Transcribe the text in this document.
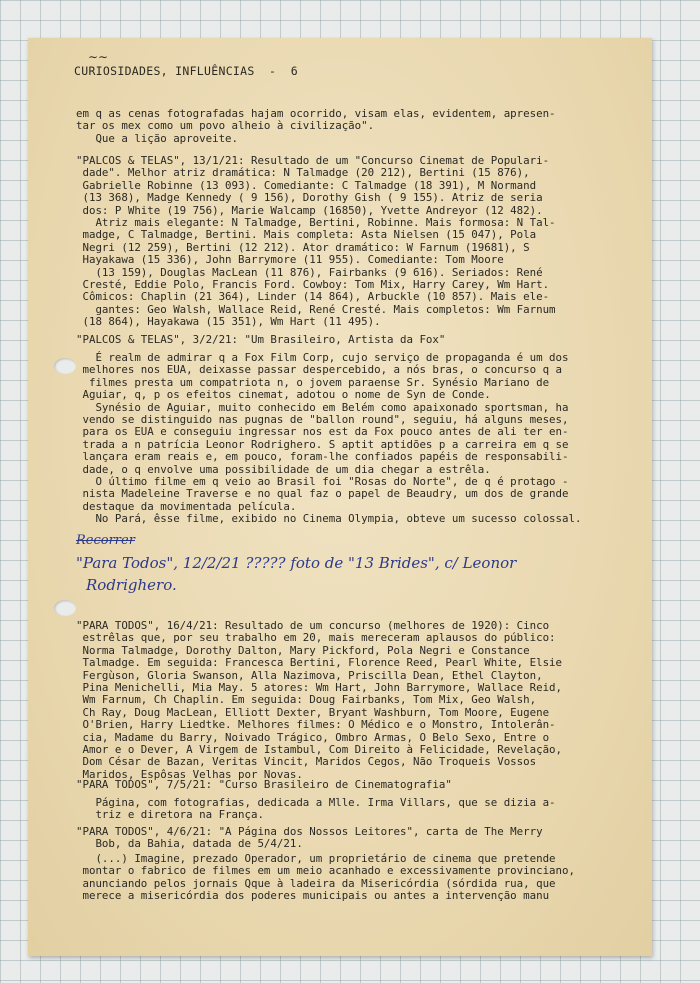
∼∼
CURIOSIDADES, INFLUÊNCIAS  -  6
em q as cenas fotografadas hajam ocorrido, visam elas, evidentem, apresen-
tar os mex como um povo alheio à civilização".
Que a lição aproveite.
"PALCOS & TELAS", 13/1/21: Resultado de um "Concurso Cinemat de Populari-
dade". Melhor atriz dramática: N Talmadge (20 212), Bertini (15 876),
Gabrielle Robinne (13 093). Comediante: C Talmadge (18 391), M Normand
(13 368), Madge Kennedy ( 9 156), Dorothy Gish ( 9 155). Atriz de seria
dos: P White (19 756), Marie Walcamp (16850), Yvette Andreyor (12 482).
Atriz mais elegante: N Talmadge, Bertini, Robinne. Mais formosa: N Tal-
madge, C Talmadge, Bertini. Mais completa: Asta Nielsen (15 047), Pola
Negri (12 259), Bertini (12 212). Ator dramático: W Farnum (19681), S
Hayakawa (15 336), John Barrymore (11 955). Comediante: Tom Moore
(13 159), Douglas MacLean (11 876), Fairbanks (9 616). Seriados: René
Cresté, Eddie Polo, Francis Ford. Cowboy: Tom Mix, Harry Carey, Wm Hart.
Cômicos: Chaplin (21 364), Linder (14 864), Arbuckle (10 857). Mais ele-
gantes: Geo Walsh, Wallace Reid, René Cresté. Mais completos: Wm Farnum
(18 864), Hayakawa (15 351), Wm Hart (11 495).
"PALCOS & TELAS", 3/2/21: "Um Brasileiro, Artista da Fox"
É realm de admirar q a Fox Film Corp, cujo serviço de propaganda é um dos
melhores nos EUA, deixasse passar despercebido, a nós bras, o concurso q a
filmes presta um compatriota n, o jovem paraense Sr. Synésio Mariano de
Aguiar, q, p os efeitos cinemat, adotou o nome de Syn de Conde.
Synésio de Aguiar, muito conhecido em Belém como apaixonado sportsman, ha
vendo se distinguido nas pugnas de "ballon round", seguiu, há alguns meses,
para os EUA e conseguiu ingressar nos est da Fox pouco antes de ali ter en-
trada a n patrícia Leonor Rodrighero. S aptit aptidões p a carreira em q se
lançara eram reais e, em pouco, foram-lhe confiados papéis de responsabili-
dade, o q envolve uma possibilidade de um dia chegar a estrêla.
O último filme em q veio ao Brasil foi "Rosas do Norte", de q é protago -
nista Madeleine Traverse e no qual faz o papel de Beaudry, um dos de grande
destaque da movimentada película.
No Pará, êsse filme, exibido no Cinema Olympia, obteve um sucesso colossal.
Recorrer
"Para Todos", 12/2/21 ????? foto de "13 Brides", c/ Leonor
Rodrighero.
"PARA TODOS", 16/4/21: Resultado de um concurso (melhores de 1920): Cinco
estrêlas que, por seu trabalho em 20, mais mereceram aplausos do público:
Norma Talmadge, Dorothy Dalton, Mary Pickford, Pola Negri e Constance
Talmadge. Em seguida: Francesca Bertini, Florence Reed, Pearl White, Elsie
Fergùson, Gloria Swanson, Alla Nazimova, Priscilla Dean, Ethel Clayton,
Pina Menichelli, Mia May. 5 atores: Wm Hart, John Barrymore, Wallace Reid,
Wm Farnum, Ch Chaplin. Em seguida: Doug Fairbanks, Tom Mix, Geo Walsh,
Ch Ray, Doug MacLean, Elliott Dexter, Bryant Washburn, Tom Moore, Eugene
O'Brien, Harry Liedtke. Melhores filmes: O Médico e o Monstro, Intolerân-
cia, Madame du Barry, Noivado Trágico, Ombro Armas, O Belo Sexo, Entre o
Amor e o Dever, A Virgem de Istambul, Com Direito à Felicidade, Revelação,
Dom César de Bazan, Veritas Vincit, Maridos Cegos, Não Troqueis Vossos
Maridos, Espôsas Velhas por Novas.
"PARA TODOS", 7/5/21: "Curso Brasileiro de Cinematografia"
Página, com fotografias, dedicada a Mlle. Irma Villars, que se dizia a-
triz e diretora na França.
"PARA TODOS", 4/6/21: "A Página dos Nossos Leitores", carta de The Merry
Bob, da Bahia, datada de 5/4/21.
(...) Imagine, prezado Operador, um proprietário de cinema que pretende
montar o fabrico de filmes em um meio acanhado e excessivamente provinciano,
anunciando pelos jornais Qque à ladeira da Misericórdia (sórdida rua, que
merece a misericórdia dos poderes municipais ou antes a intervenção manu
